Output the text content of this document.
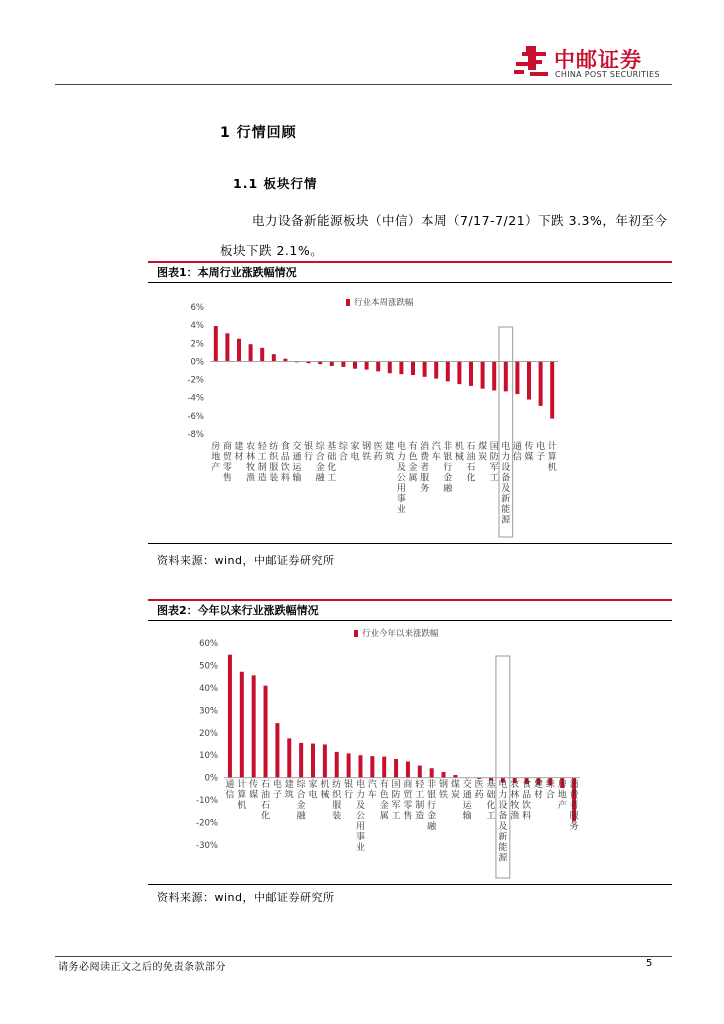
中邮证券
CHINA POST SECURITIES
1 行情回顾
1.1 板块行情
电力设备新能源板块（中信）本周（7/17-7/21）下跌 3.3%，年初至今板块下跌 2.1%。
图表1：本周行业涨跌幅情况
6%
4%
2%
0%
-2%
-4%
-6%
-8%
行业本周涨跌幅
房地产
商贸零售
建材
农林牧渔
轻工制造
纺织服装
食品饮料
交通运输
银行
综合金融
基础化工
综合
家电
钢铁
医药
建筑
电力及公用事业
有色金属
消费者服务
汽车
非银行金融
机械
石油石化
煤炭
国防军工
电力设备及新能源
通信
传媒
电子
计算机
资料来源：wind，中邮证券研究所
图表2：今年以来行业涨跌幅情况
60%
50%
40%
30%
20%
10%
0%
-10%
-20%
-30%
行业今年以来涨跌幅
通信
计算机
传媒
石油石化
电子
建筑
综合金融
家电
机械
纺织服装
银行
电力及公用事业
汽车
有色金属
国防军工
商贸零售
轻工制造
非银行金融
钢铁
煤炭
交通运输
医药
基础化工
电力设备及新能源
农林牧渔
食品饮料
建材
综合
房地产
消费者服务
资料来源：wind，中邮证券研究所
请务必阅读正文之后的免责条款部分	5
